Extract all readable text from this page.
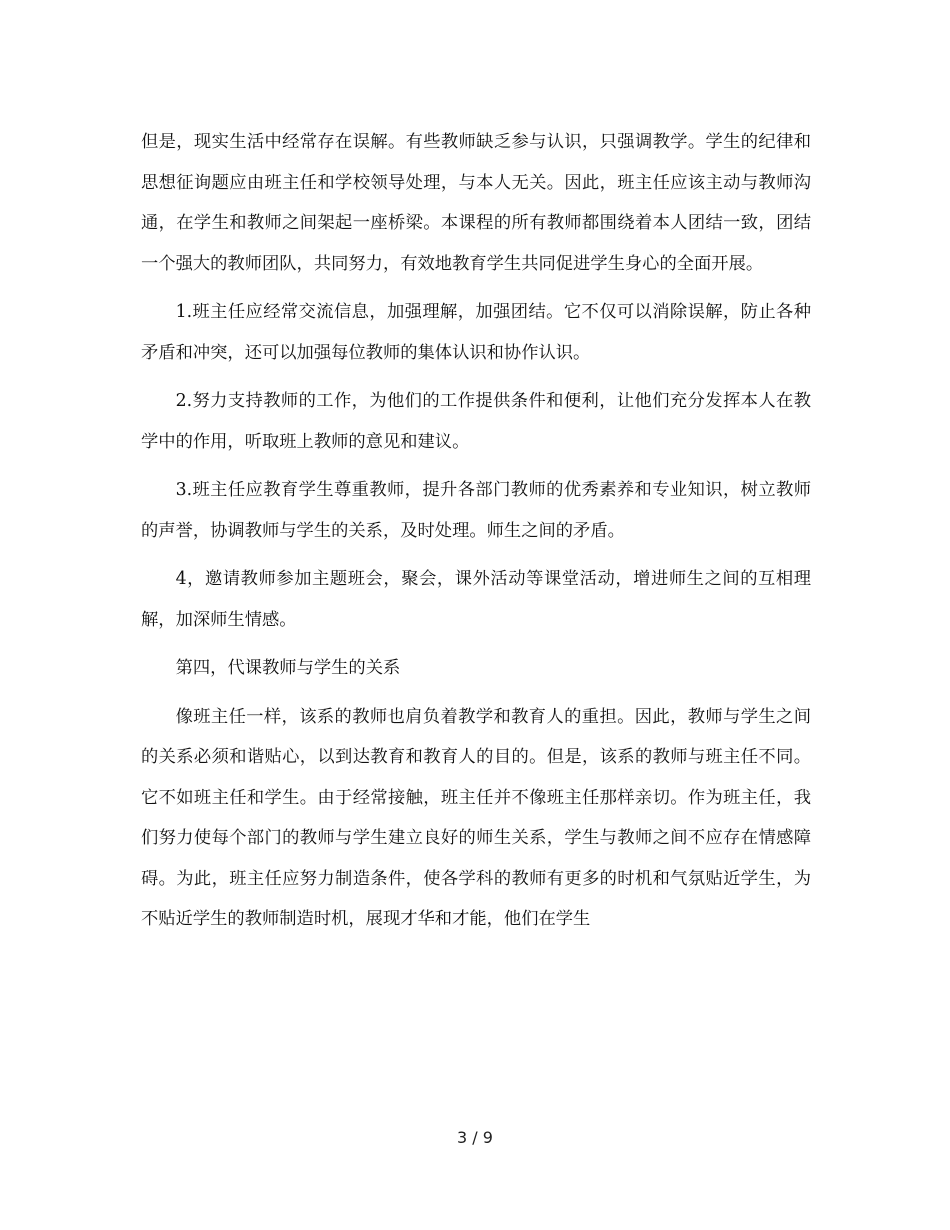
但是，现实生活中经常存在误解。有些教师缺乏参与认识，只强调教学。学生的纪律和思想征询题应由班主任和学校领导处理，与本人无关。因此，班主任应该主动与教师沟通，在学生和教师之间架起一座桥梁。本课程的所有教师都围绕着本人团结一致，团结一个强大的教师团队，共同努力，有效地教育学生共同促进学生身心的全面开展。

1.班主任应经常交流信息，加强理解，加强团结。它不仅可以消除误解，防止各种矛盾和冲突，还可以加强每位教师的集体认识和协作认识。

2.努力支持教师的工作，为他们的工作提供条件和便利，让他们充分发挥本人在教学中的作用，听取班上教师的意见和建议。

3.班主任应教育学生尊重教师，提升各部门教师的优秀素养和专业知识，树立教师的声誉，协调教师与学生的关系，及时处理。师生之间的矛盾。

4，邀请教师参加主题班会，聚会，课外活动等课堂活动，增进师生之间的互相理解，加深师生情感。

第四，代课教师与学生的关系

像班主任一样，该系的教师也肩负着教学和教育人的重担。因此，教师与学生之间的关系必须和谐贴心，以到达教育和教育人的目的。但是，该系的教师与班主任不同。它不如班主任和学生。由于经常接触，班主任并不像班主任那样亲切。作为班主任，我们努力使每个部门的教师与学生建立良好的师生关系，学生与教师之间不应存在情感障碍。为此，班主任应努力制造条件，使各学科的教师有更多的时机和气氛贴近学生，为不贴近学生的教师制造时机，展现才华和才能，他们在学生

3 / 9
